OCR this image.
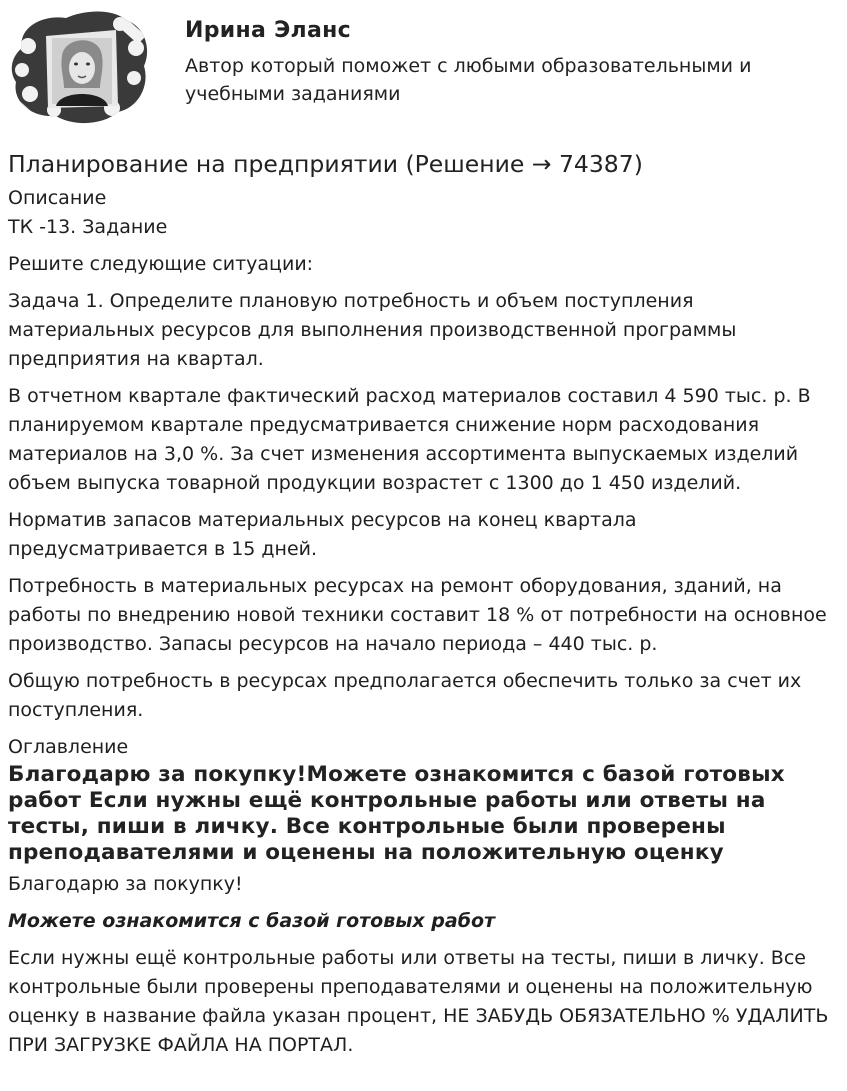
Ирина Эланс
Автор который поможет с любыми образовательными и учебными заданиями
Планирование на предприятии (Решение → 74387)

Описание

ТК -13. Задание

Решите следующие ситуации:

Задача 1. Определите плановую потребность и объем поступления материальных ресурсов для выполнения производственной программы предприятия на квартал.

В отчетном квартале фактический расход материалов составил 4 590 тыс. р. В планируемом квартале предусматривается снижение норм расходования материалов на 3,0 %. За счет изменения ассортимента выпускаемых изделий объем выпуска товарной продукции возрастет с 1300 до 1 450 изделий.

Норматив запасов материальных ресурсов на конец квартала предусматривается в 15 дней.

Потребность в материальных ресурсах на ремонт оборудования, зданий, на работы по внедрению новой техники составит 18 % от потребности на основное производство. Запасы ресурсов на начало периода – 440 тыс. р.

Общую потребность в ресурсах предполагается обеспечить только за счет их поступления.

Оглавление

Благодарю за покупку!Можете ознакомится с базой готовых работ Если нужны ещё контрольные работы или ответы на тесты, пиши в личку. Все контрольные были проверены преподавателями и оценены на положительную оценку

Благодарю за покупку!

Можете ознакомится с базой готовых работ

Если нужны ещё контрольные работы или ответы на тесты, пиши в личку. Все контрольные были проверены преподавателями и оценены на положительную оценку в название файла указан процент, НЕ ЗАБУДЬ ОБЯЗАТЕЛЬНО % УДАЛИТЬ ПРИ ЗАГРУЗКЕ ФАЙЛА НА ПОРТАЛ.
